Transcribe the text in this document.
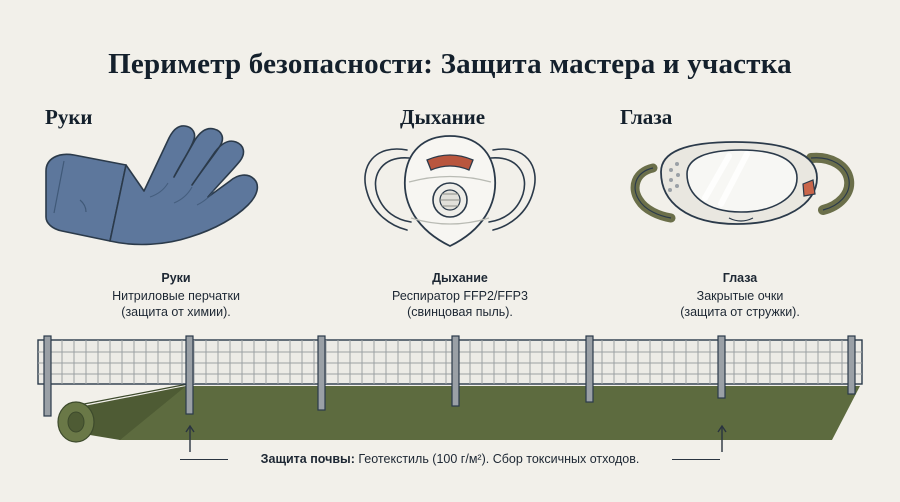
Периметр безопасности: Защита мастера и участка
Руки	Дыхание	Глаза
Руки
Нитриловые перчатки
(защита от химии).
Дыхание
Респиратор FFP2/FFP3
(свинцовая пыль).
Глаза
Закрытые очки
(защита от стружки).
Защита почвы: Геотекстиль (100 г/м²). Сбор токсичных отходов.
